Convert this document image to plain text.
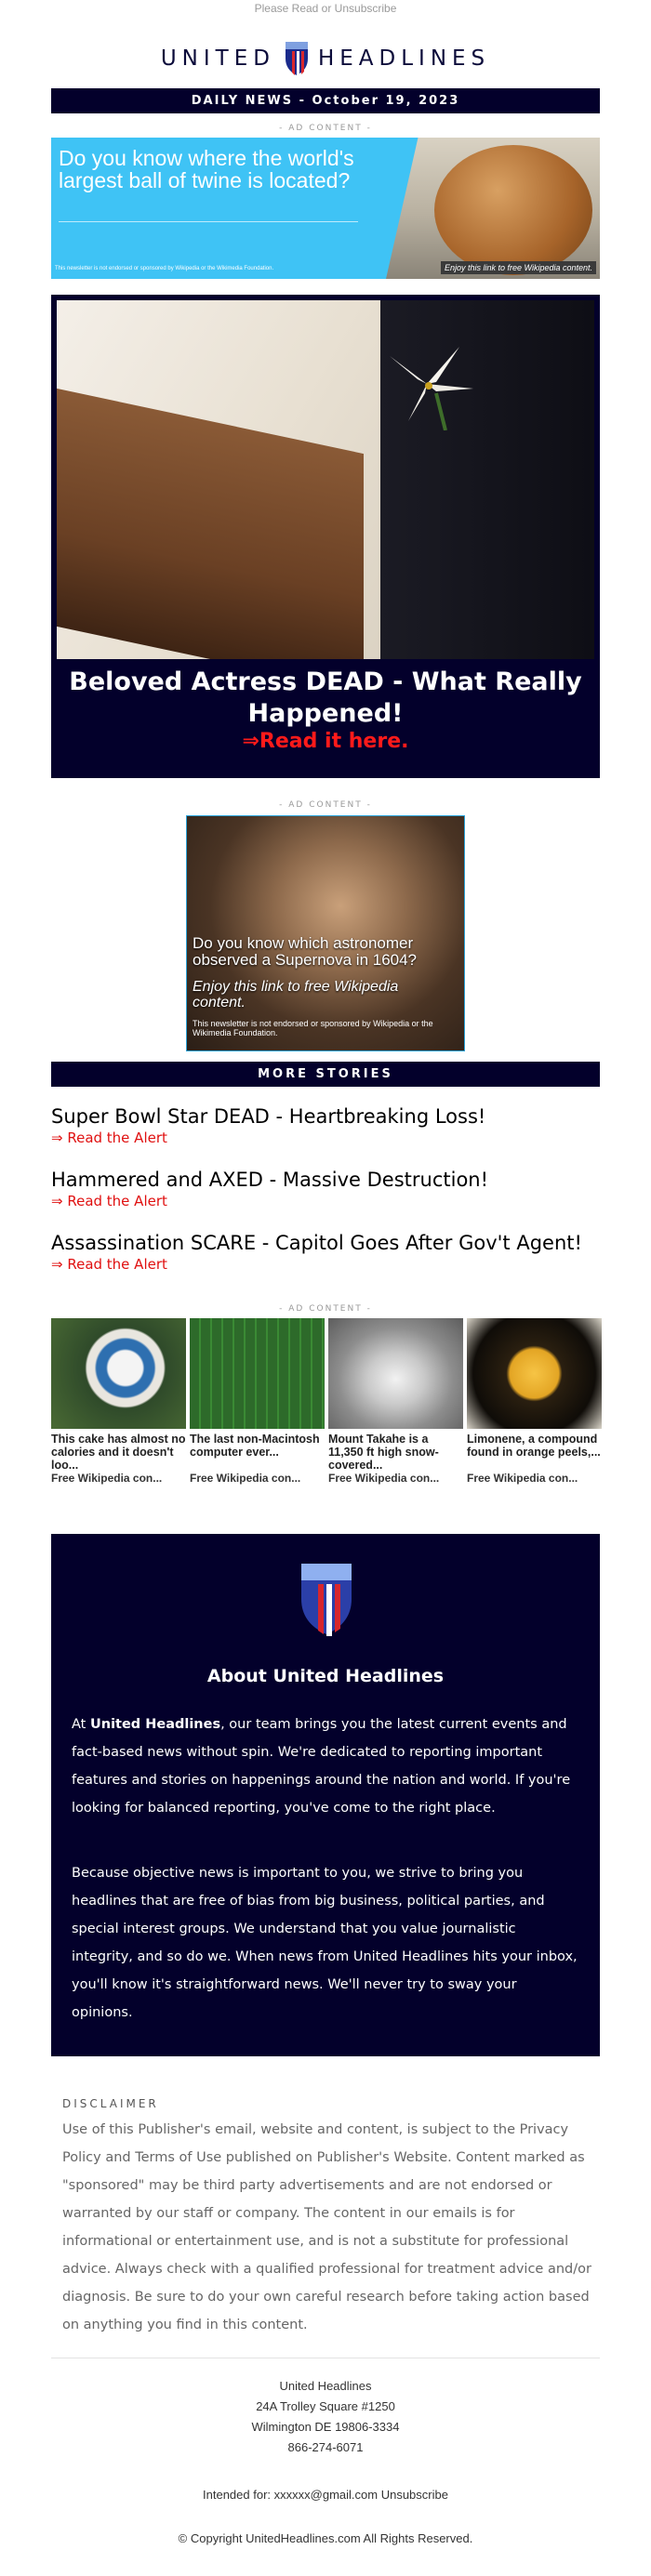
Please Read or Unsubscribe
UNITED HEADLINES
DAILY NEWS - October 19, 2023
- AD CONTENT -
Do you know where the world's largest ball of twine is located?
This newsletter is not endorsed or sponsored by Wikipedia or the Wikimedia Foundation.	Enjoy this link to free Wikipedia content.
Beloved Actress DEAD - What Really Happened!
⇒Read it here.
- AD CONTENT -
Do you know which astronomer observed a Supernova in 1604?
Enjoy this link to free Wikipedia content.
This newsletter is not endorsed or sponsored by Wikipedia or the Wikimedia Foundation.
MORE STORIES
Super Bowl Star DEAD - Heartbreaking Loss!
⇒ Read the Alert
Hammered and AXED - Massive Destruction!
⇒ Read the Alert
Assassination SCARE - Capitol Goes After Gov't Agent!
⇒ Read the Alert
- AD CONTENT -
This cake has almost no calories and it doesn't loo...
Free Wikipedia con...
The last non-Macintosh computer ever...
Free Wikipedia con...
Mount Takahe is a 11,350 ft high snow-covered...
Free Wikipedia con...
Limonene, a compound found in orange peels,...
Free Wikipedia con...
About United Headlines

At United Headlines, our team brings you the latest current events and fact-based news without spin. We're dedicated to reporting important features and stories on happenings around the nation and world. If you're looking for balanced reporting, you've come to the right place.

Because objective news is important to you, we strive to bring you headlines that are free of bias from big business, political parties, and special interest groups. We understand that you value journalistic integrity, and so do we. When news from United Headlines hits your inbox, you'll know it's straightforward news. We'll never try to sway your opinions.

DISCLAIMER

Use of this Publisher's email, website and content, is subject to the Privacy Policy and Terms of Use published on Publisher's Website. Content marked as "sponsored" may be third party advertisements and are not endorsed or warranted by our staff or company. The content in our emails is for informational or entertainment use, and is not a substitute for professional advice. Always check with a qualified professional for treatment advice and/or diagnosis. Be sure to do your own careful research before taking action based on anything you find in this content.

United Headlines
24A Trolley Square #1250
Wilmington DE 19806-3334
866-274-6071
Intended for: xxxxxx@gmail.com Unsubscribe
© Copyright UnitedHeadlines.com All Rights Reserved.
